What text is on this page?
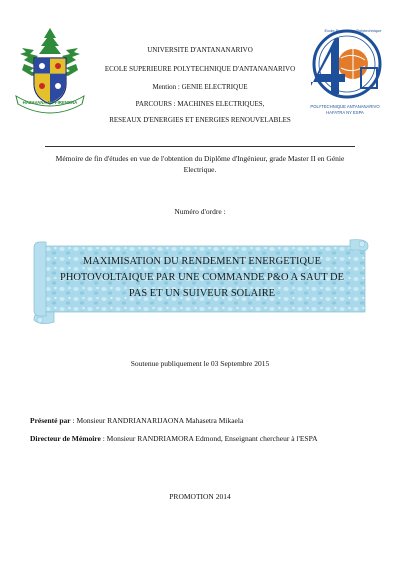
HAZAVANA NY FIRENENA
UNIVERSITE D'ANTANANARIVO
ECOLE SUPERIEURE POLYTECHNIQUE D'ANTANANARIVO
Mention : GENIE ELECTRIQUE
PARCOURS : MACHINES ELECTRIQUES,
RESEAUX D'ENERGIES ET ENERGIES RENOUVELABLES
Ecole Superieure Polytechnique
POLYTECHNIQUE ANTANANARIVO
HAFATRA NY ESPA
Mémoire de fin d'études en vue de l'obtention du Diplôme d'Ingénieur, grade Master II en Génie
Electrique.
Numéro d'ordre :
MAXIMISATION DU RENDEMENT ENERGETIQUE
PHOTOVOLTAIQUE PAR UNE COMMANDE P&O A SAUT DE
PAS ET UN SUIVEUR SOLAIRE
Soutenue publiquement le 03 Septembre 2015
Présenté par : Monsieur RANDRIANARIJAONA Mahasetra Mikaela
Directeur de Mémoire : Monsieur RANDRIAMORA Edmond, Enseignant chercheur à l'ESPA
PROMOTION 2014
